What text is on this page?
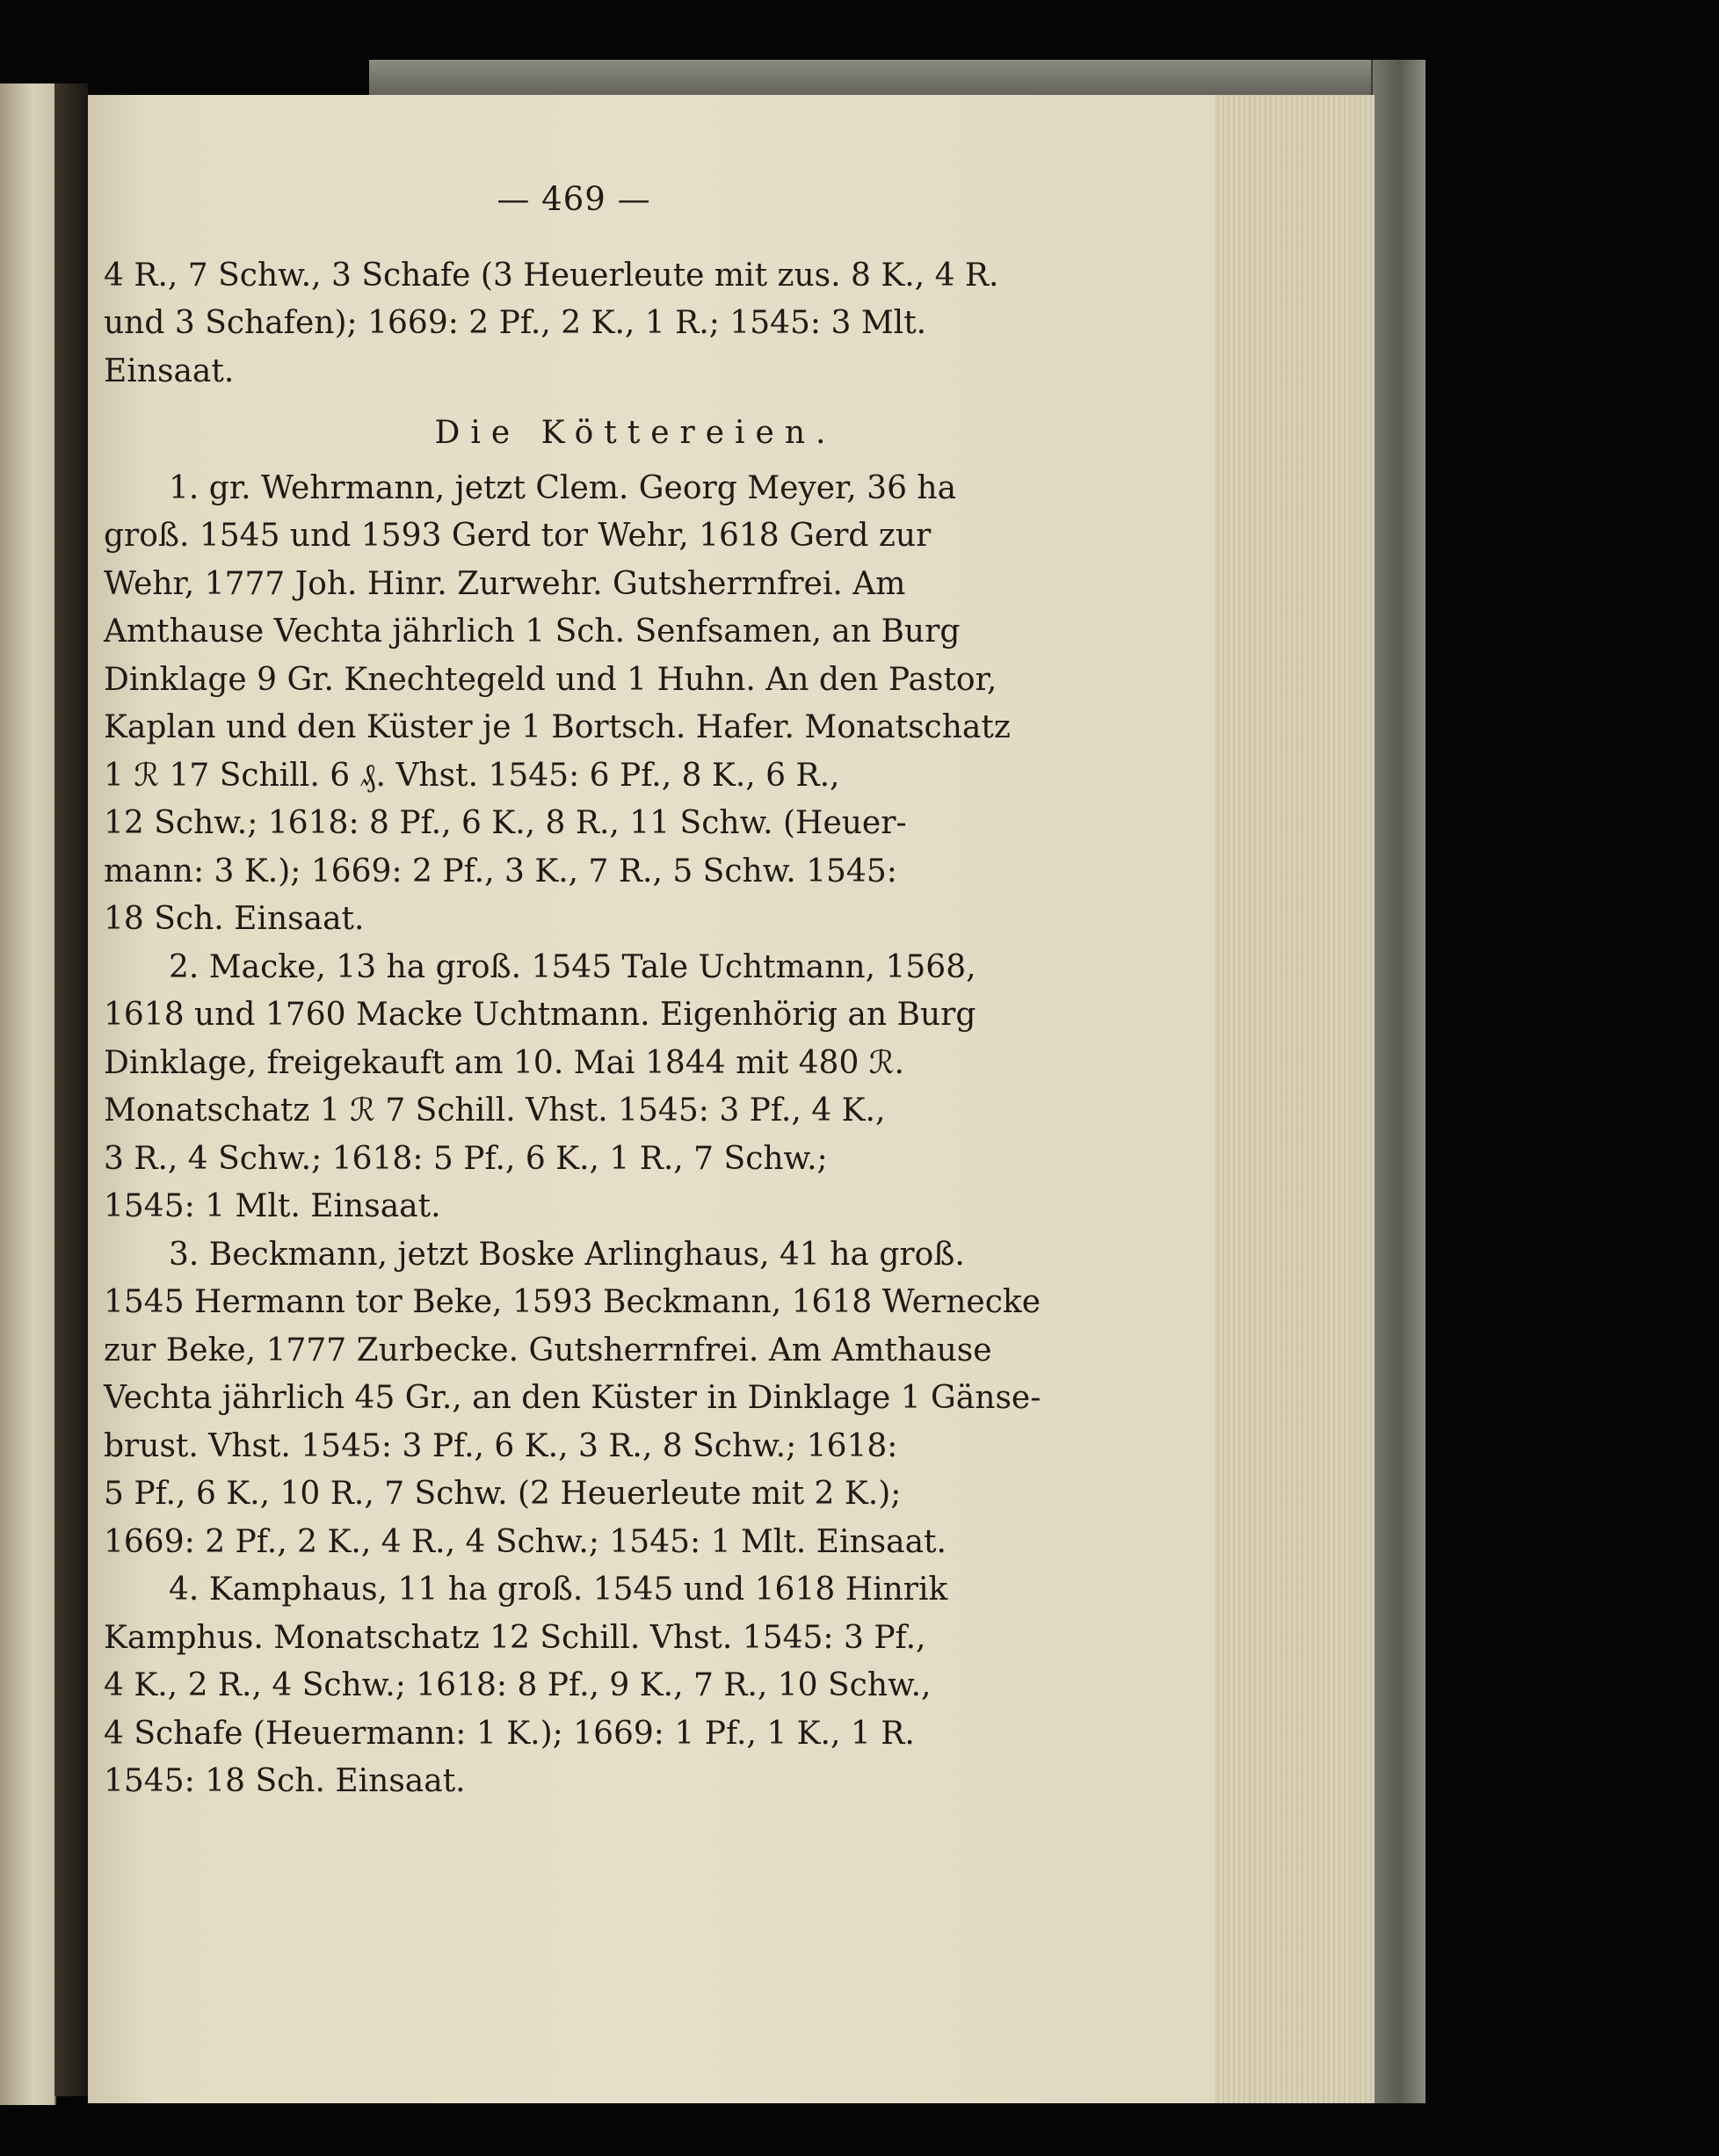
— 469 —
4 R., 7 Schw., 3 Schafe (3 Heuerleute mit zus. 8 K., 4 R.
und 3 Schafen); 1669: 2 Pf., 2 K., 1 R.; 1545: 3 Mlt.
Einsaat.
Die Köttereien.
1. gr. Wehrmann, jetzt Clem. Georg Meyer, 36 ha
groß. 1545 und 1593 Gerd tor Wehr, 1618 Gerd zur
Wehr, 1777 Joh. Hinr. Zurwehr. Gutsherrnfrei. Am
Amthause Vechta jährlich 1 Sch. Senfsamen, an Burg
Dinklage 9 Gr. Knechtegeld und 1 Huhn. An den Pastor,
Kaplan und den Küster je 1 Bortsch. Hafer. Monatschatz
1 ℛ 17 Schill. 6 ₰. Vhst. 1545: 6 Pf., 8 K., 6 R.,
12 Schw.; 1618: 8 Pf., 6 K., 8 R., 11 Schw. (Heuer-
mann: 3 K.); 1669: 2 Pf., 3 K., 7 R., 5 Schw. 1545:
18 Sch. Einsaat.
2. Macke, 13 ha groß. 1545 Tale Uchtmann, 1568,
1618 und 1760 Macke Uchtmann. Eigenhörig an Burg
Dinklage, freigekauft am 10. Mai 1844 mit 480 ℛ.
Monatschatz 1 ℛ 7 Schill. Vhst. 1545: 3 Pf., 4 K.,
3 R., 4 Schw.; 1618: 5 Pf., 6 K., 1 R., 7 Schw.;
1545: 1 Mlt. Einsaat.
3. Beckmann, jetzt Boske Arlinghaus, 41 ha groß.
1545 Hermann tor Beke, 1593 Beckmann, 1618 Wernecke
zur Beke, 1777 Zurbecke. Gutsherrnfrei. Am Amthause
Vechta jährlich 45 Gr., an den Küster in Dinklage 1 Gänse-
brust. Vhst. 1545: 3 Pf., 6 K., 3 R., 8 Schw.; 1618:
5 Pf., 6 K., 10 R., 7 Schw. (2 Heuerleute mit 2 K.);
1669: 2 Pf., 2 K., 4 R., 4 Schw.; 1545: 1 Mlt. Einsaat.
4. Kamphaus, 11 ha groß. 1545 und 1618 Hinrik
Kamphus. Monatschatz 12 Schill. Vhst. 1545: 3 Pf.,
4 K., 2 R., 4 Schw.; 1618: 8 Pf., 9 K., 7 R., 10 Schw.,
4 Schafe (Heuermann: 1 K.); 1669: 1 Pf., 1 K., 1 R.
1545: 18 Sch. Einsaat.
